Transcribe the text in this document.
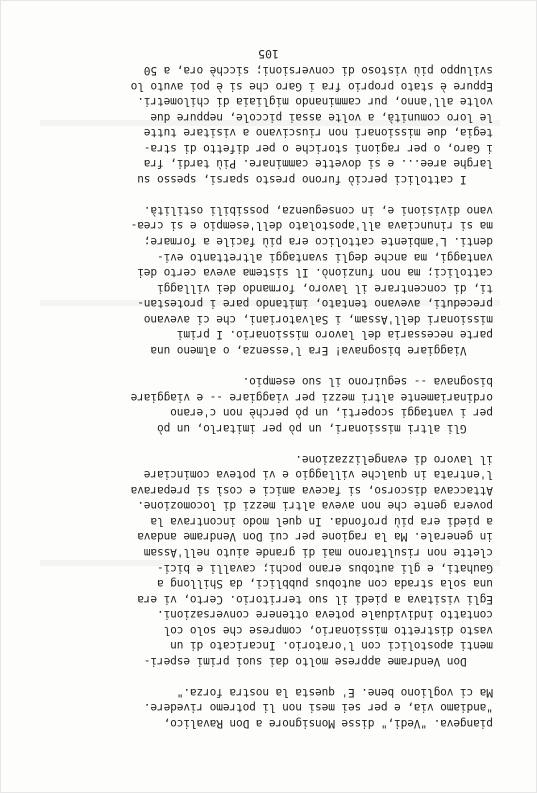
piangeva. "Vedi," disse Monsignore a Don Ravalico,
"andiamo via, e per sei mesi non li potremo rivedere.
Ma ci vogliono bene. E' questa la nostra forza."
Don Vendrame apprese molto dai suoi primi esperi-
menti apostolici con l'oratorio. Incaricato di un
vasto distretto missionario, comprese che solo col
contatto individuale poteva ottenere conversazioni.
Egli visitava a piedi il suo territorio. Certo, vi era
una sola strada con autobus pubblici, da Shillong a
Gauhati, e gli autobus erano pochi; cavalli e bici-
clette non risultarono mai di grande aiuto nell'Assam
in generale. Ma la ragione per cui Don Vendrame andava
a piedi era più profonda. In quel modo incontrava la
povera gente che non aveva altri mezzi di locomozione.
Attaccava discorso, si faceva amici e così si preparava
l'entrata in qualche villaggio e vi poteva cominciare
il lavoro di evangelizzazione.
Gli altri missionari, un pò per imitarlo, un pò
per i vantaggi scoperti, un pò perchè non c'erano
ordinariamente altri mezzi per viaggiare -- e viaggiare
bisognava -- seguirono il suo esempio.
Viaggiare bisognava! Era l'essenza, o almeno una
parte necessaria del lavoro missionario. I primi
missionari dell'Assam, i Salvatoriani, che ci avevano
preceduti, avevano tentato, imitando pare i protestan-
ti, di concentrare il lavoro, formando dei villaggi
cattolici; ma non funzionò. Il sistema aveva certo dei
vantaggi, ma anche degli svantaggi altrettanto evi-
denti. L'ambiente cattolico era più facile a formare;
ma si rinunciava all'apostolato dell'esempio e si crea-
vano divisioni e, in conseguenza, possibili ostilità.
I cattolici perciò furono presto sparsi, spesso su
larghe aree... e si dovette camminare. Più tardi, fra
i Garo, o per ragioni storiche o per difetto di stra-
tegia, due missionari non riuscivano a visitare tutte
le loro comunità, a volte assai piccole, neppure due
volte all'anno, pur camminando migliaia di chilometri.
Eppure è stato proprio fra i Garo che si è poi avuto lo
sviluppo più vistoso di conversioni; sicchè ora, a 50
105
